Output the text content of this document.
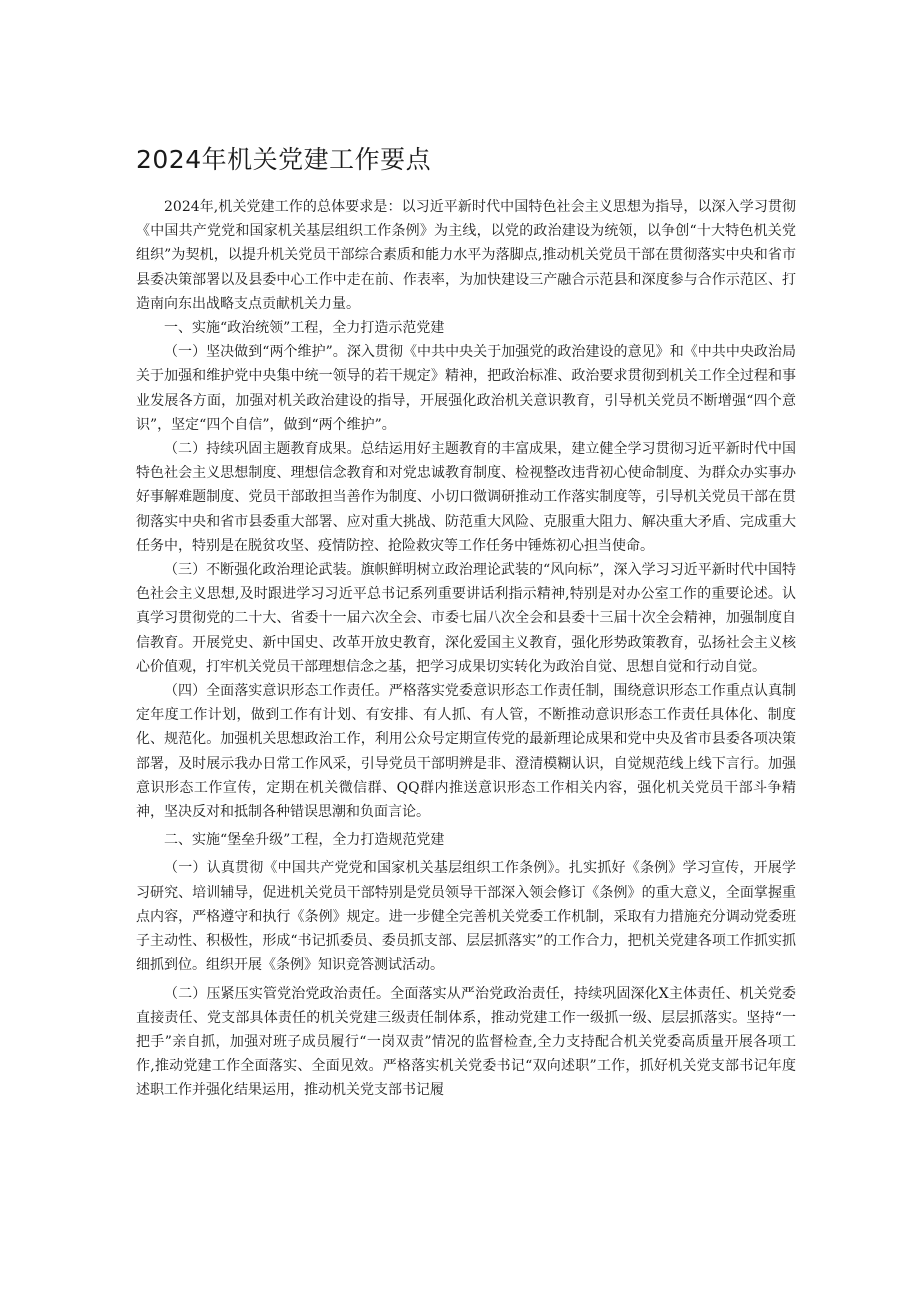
2024年机关党建工作要点

2024年,机关党建工作的总体要求是：以习近平新时代中国特色社会主义思想为指导，以深入学习贯彻《中国共产党党和国家机关基层组织工作条例》为主线，以党的政治建设为统领，以争创“十大特色机关党组织”为契机，以提升机关党员干部综合素质和能力水平为落脚点,推动机关党员干部在贯彻落实中央和省市县委决策部署以及县委中心工作中走在前、作表率，为加快建设三产融合示范县和深度参与合作示范区、打造南向东出战略支点贡献机关力量。

一、实施“政治统领”工程，全力打造示范党建

（一）坚决做到“两个维护”。深入贯彻《中共中央关于加强党的政治建设的意见》和《中共中央政治局关于加强和维护党中央集中统一领导的若干规定》精神，把政治标准、政治要求贯彻到机关工作全过程和事业发展各方面，加强对机关政治建设的指导，开展强化政治机关意识教育，引导机关党员不断增强“四个意识”，坚定“四个自信”，做到“两个维护”。

（二）持续巩固主题教育成果。总结运用好主题教育的丰富成果，建立健全学习贯彻习近平新时代中国特色社会主义思想制度、理想信念教育和对党忠诚教育制度、检视整改违背初心使命制度、为群众办实事办好事解难题制度、党员干部敢担当善作为制度、小切口微调研推动工作落实制度等，引导机关党员干部在贯彻落实中央和省市县委重大部署、应对重大挑战、防范重大风险、克服重大阻力、解决重大矛盾、完成重大任务中，特别是在脱贫攻坚、疫情防控、抢险救灾等工作任务中锤炼初心担当使命。

（三）不断强化政治理论武装。旗帜鲜明树立政治理论武装的“风向标”，深入学习习近平新时代中国特色社会主义思想,及时跟进学习习近平总书记系列重要讲话利指示精神,特别是对办公室工作的重要论述。认真学习贯彻党的二十大、省委十一届六次全会、市委七届八次全会和县委十三届十次全会精神，加强制度自信教育。开展党史、新中国史、改革开放史教育，深化爱国主义教育，强化形势政策教育，弘扬社会主义核心价值观，打牢机关党员干部理想信念之基，把学习成果切实转化为政治自觉、思想自觉和行动自觉。

（四）全面落实意识形态工作责任。严格落实党委意识形态工作责任制，围绕意识形态工作重点认真制定年度工作计划，做到工作有计划、有安排、有人抓、有人管，不断推动意识形态工作责任具体化、制度化、规范化。加强机关思想政治工作，利用公众号定期宣传党的最新理论成果和党中央及省市县委各项决策部署，及时展示我办日常工作风采，引导党员干部明辨是非、澄清模糊认识，自觉规范线上线下言行。加强意识形态工作宣传，定期在机关微信群、QQ群内推送意识形态工作相关内容，强化机关党员干部斗争精神，坚决反对和抵制各种错误思潮和负面言论。

二、实施“堡垒升级”工程，全力打造规范党建

（一）认真贯彻《中国共产党党和国家机关基层组织工作条例》。扎实抓好《条例》学习宣传，开展学习研究、培训辅导，促进机关党员干部特别是党员领导干部深入领会修订《条例》的重大意义，全面掌握重点内容，严格遵守和执行《条例》规定。进一步健全完善机关党委工作机制，采取有力措施充分调动党委班子主动性、积极性，形成“书记抓委员、委员抓支部、层层抓落实”的工作合力，把机关党建各项工作抓实抓细抓到位。组织开展《条例》知识竞答测试活动。

（二）压紧压实管党治党政治责任。全面落实从严治党政治责任，持续巩固深化X主体责任、机关党委直接责任、党支部具体责任的机关党建三级责任制体系，推动党建工作一级抓一级、层层抓落实。坚持“一把手”亲自抓，加强对班子成员履行“一岗双责”情况的监督检查,全力支持配合机关党委高质量开展各项工作,推动党建工作全面落实、全面见效。严格落实机关党委书记“双向述职”工作，抓好机关党支部书记年度述职工作并强化结果运用，推动机关党支部书记履
